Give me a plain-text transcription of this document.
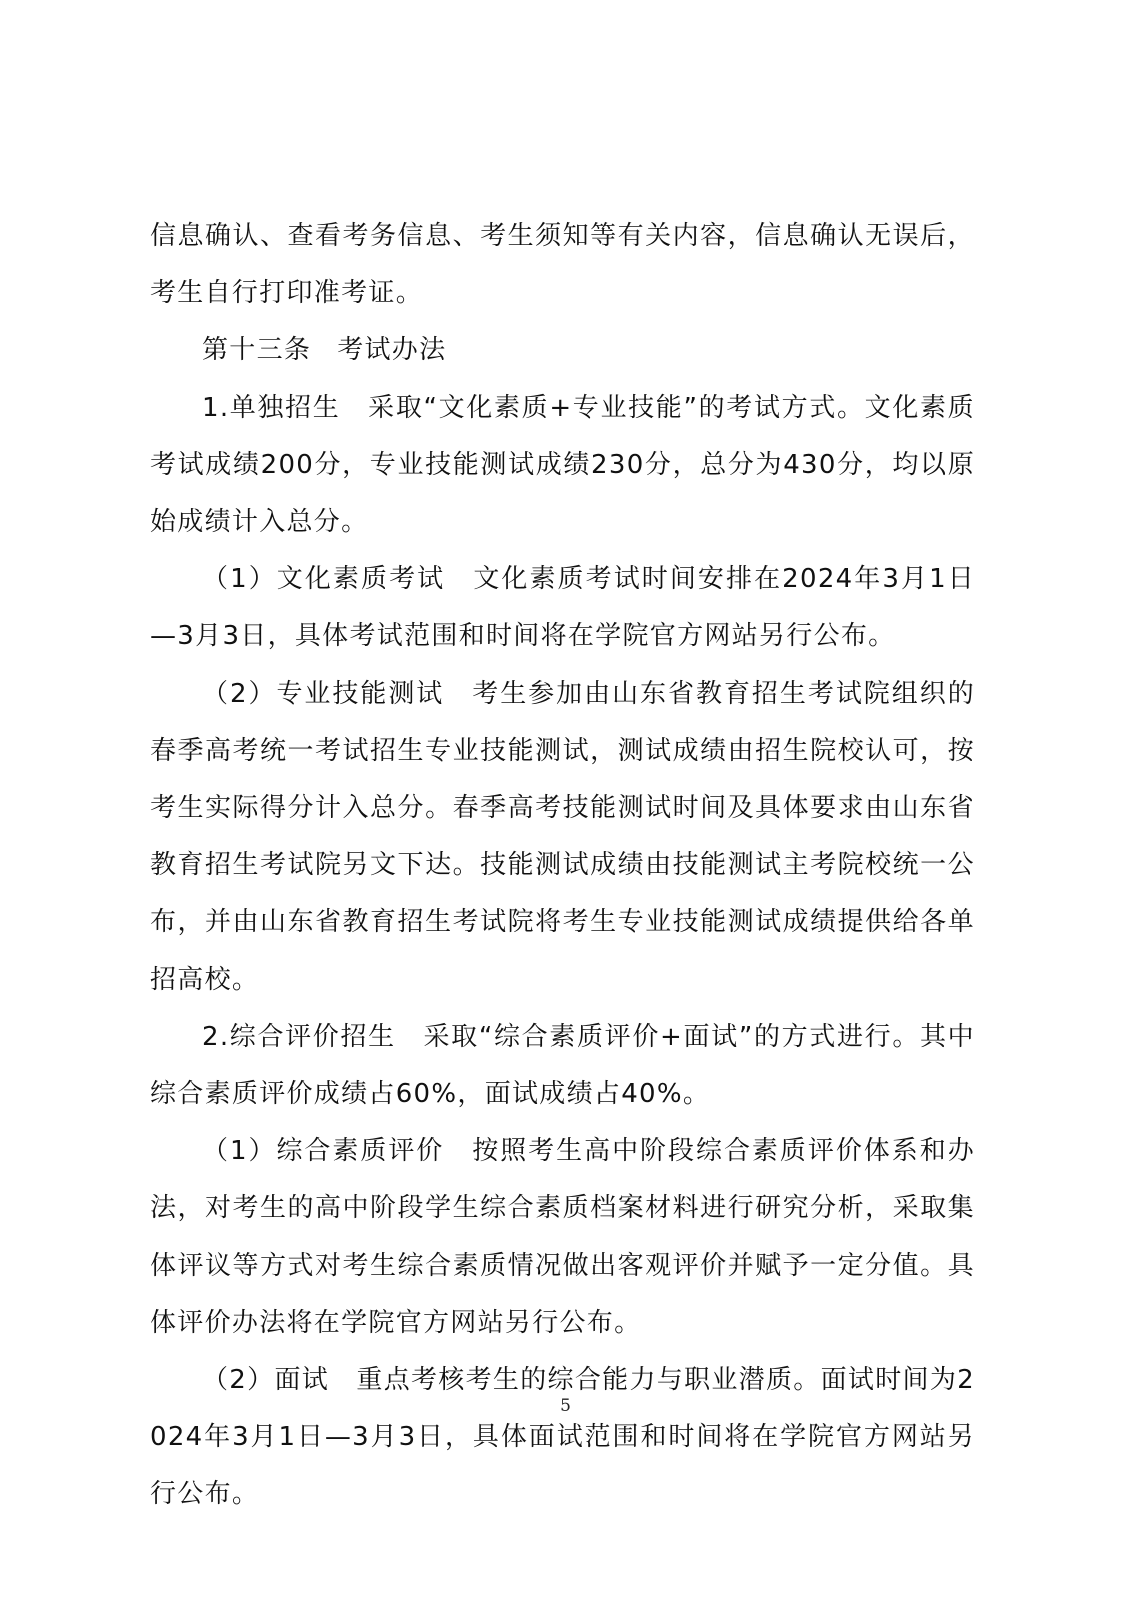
信息确认、查看考务信息、考生须知等有关内容，信息确认无误后，考生自行打印准考证。

第十三条 考试办法

1.单独招生　采取“文化素质+专业技能”的考试方式。文化素质考试成绩200分，专业技能测试成绩230分，总分为430分，均以原始成绩计入总分。

（1）文化素质考试　文化素质考试时间安排在2024年3月1日—3月3日，具体考试范围和时间将在学院官方网站另行公布。

（2）专业技能测试　考生参加由山东省教育招生考试院组织的春季高考统一考试招生专业技能测试，测试成绩由招生院校认可，按考生实际得分计入总分。春季高考技能测试时间及具体要求由山东省教育招生考试院另文下达。技能测试成绩由技能测试主考院校统一公布，并由山东省教育招生考试院将考生专业技能测试成绩提供给各单招高校。

2.综合评价招生　采取“综合素质评价+面试”的方式进行。其中综合素质评价成绩占60%，面试成绩占40%。

（1）综合素质评价　按照考生高中阶段综合素质评价体系和办法，对考生的高中阶段学生综合素质档案材料进行研究分析，采取集体评议等方式对考生综合素质情况做出客观评价并赋予一定分值。具体评价办法将在学院官方网站另行公布。

（2）面试　重点考核考生的综合能力与职业潜质。面试时间为2024年3月1日—3月3日，具体面试范围和时间将在学院官方网站另行公布。

5
